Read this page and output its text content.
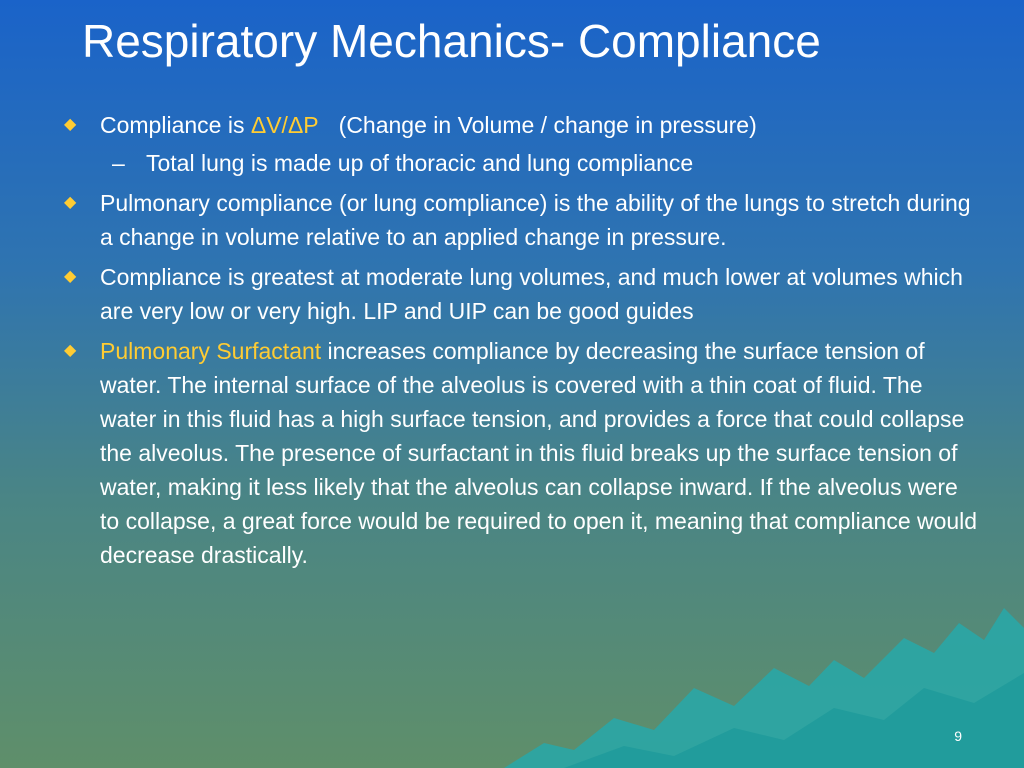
Respiratory Mechanics- Compliance
◆ Compliance is ΔV/ΔP (Change in Volume / change in pressure)
– Total lung is made up of thoracic and lung compliance
◆ Pulmonary compliance (or lung compliance) is the ability of the lungs to stretch during a change in volume relative to an applied change in pressure.
◆ Compliance is greatest at moderate lung volumes, and much lower at volumes which are very low or very high. LIP and UIP can be good guides
◆ Pulmonary Surfactant increases compliance by decreasing the surface tension of water. The internal surface of the alveolus is covered with a thin coat of fluid. The water in this fluid has a high surface tension, and provides a force that could collapse the alveolus. The presence of surfactant in this fluid breaks up the surface tension of water, making it less likely that the alveolus can collapse inward. If the alveolus were to collapse, a great force would be required to open it, meaning that compliance would decrease drastically.
9
